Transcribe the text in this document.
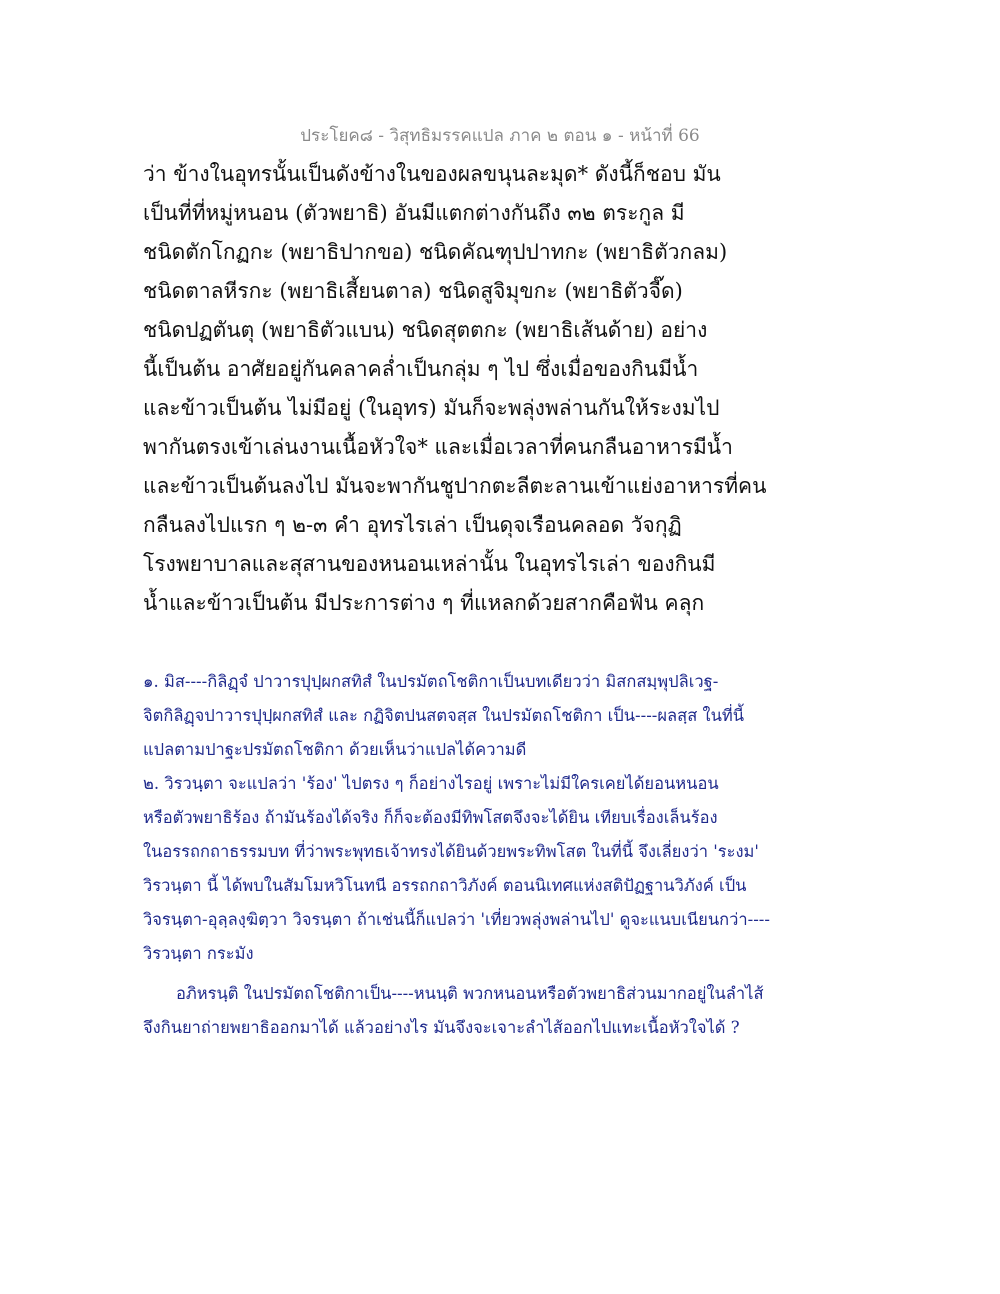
ประโยค๘ - วิสุทธิมรรคแปล ภาค ๒ ตอน ๑ - หน้าที่ 66
ว่า ข้างในอุทรนั้นเป็นดังข้างในของผลขนุนละมุด* ดังนี้ก็ชอบ มัน
เป็นที่ที่หมู่หนอน (ตัวพยาธิ) อันมีแตกต่างกันถึง ๓๒ ตระกูล มี
ชนิดตักโกฏกะ (พยาธิปากขอ) ชนิดคัณฑุปปาทกะ (พยาธิตัวกลม)
ชนิดตาลหีรกะ (พยาธิเสี้ยนตาล) ชนิดสูจิมุขกะ (พยาธิตัวจี๊ด)
ชนิดปฏตันตุ (พยาธิตัวแบน) ชนิดสุตตกะ (พยาธิเส้นด้าย) อย่าง
นี้เป็นต้น อาศัยอยู่กันคลาคล่ำเป็นกลุ่ม ๆ ไป ซึ่งเมื่อของกินมีน้ำ
และข้าวเป็นต้น ไม่มีอยู่ (ในอุทร) มันก็จะพลุ่งพล่านกันให้ระงมไป
พากันตรงเข้าเล่นงานเนื้อหัวใจ* และเมื่อเวลาที่คนกลืนอาหารมีน้ำ
และข้าวเป็นต้นลงไป มันจะพากันชูปากตะลีตะลานเข้าแย่งอาหารที่คน
กลืนลงไปแรก ๆ ๒-๓ คำ อุทรไรเล่า เป็นดุจเรือนคลอด วัจกุฏิ
โรงพยาบาลและสุสานของหนอนเหล่านั้น ในอุทรไรเล่า ของกินมี
น้ำและข้าวเป็นต้น มีประการต่าง ๆ ที่แหลกด้วยสากคือฟัน คลุก
๑. มิส----กิลิฏฺจํ ปาวารปุปฺผกสทิสํ ในปรมัตถโชติกาเป็นบทเดียวว่า มิสกสมฺพุปลิเวฐ-
จิตกิลิฏฺจปาวารปุปฺผกสทิสํ และ กฏิจิตปนสตจสฺส ในปรมัตถโชติกา เป็น----ผลสฺส ในที่นี้
แปลตามปาฐะปรมัตถโชติกา ด้วยเห็นว่าแปลได้ความดี
๒. วิรวนฺตา จะแปลว่า 'ร้อง' ไปตรง ๆ ก็อย่างไรอยู่ เพราะไม่มีใครเคยได้ยอนหนอน
หรือตัวพยาธิร้อง ถ้ามันร้องได้จริง ก็ก็จะต้องมีทิพโสตจึงจะได้ยิน เทียบเรื่องเล็นร้อง
ในอรรถกถาธรรมบท ที่ว่าพระพุทธเจ้าทรงได้ยินด้วยพระทิพโสต ในที่นี้ จึงเลี่ยงว่า 'ระงม'
วิรวนฺตา นี้ ได้พบในสัมโมหวิโนทนี อรรถกถาวิภังค์ ตอนนิเทศแห่งสติปัฏฐานวิภังค์ เป็น
วิจรนฺตา-อุลฺลงฺฆิตฺวา วิจรนฺตา ถ้าเช่นนี้ก็แปลว่า 'เที่ยวพลุ่งพล่านไป' ดูจะแนบเนียนกว่า----
วิรวนฺตา กระมัง
อภิหรนฺติ ในปรมัตถโชติกาเป็น----หนนฺติ พวกหนอนหรือตัวพยาธิส่วนมากอยู่ในลำไส้
จึงกินยาถ่ายพยาธิออกมาได้ แล้วอย่างไร มันจึงจะเจาะลำไส้ออกไปแทะเนื้อหัวใจได้ ?
